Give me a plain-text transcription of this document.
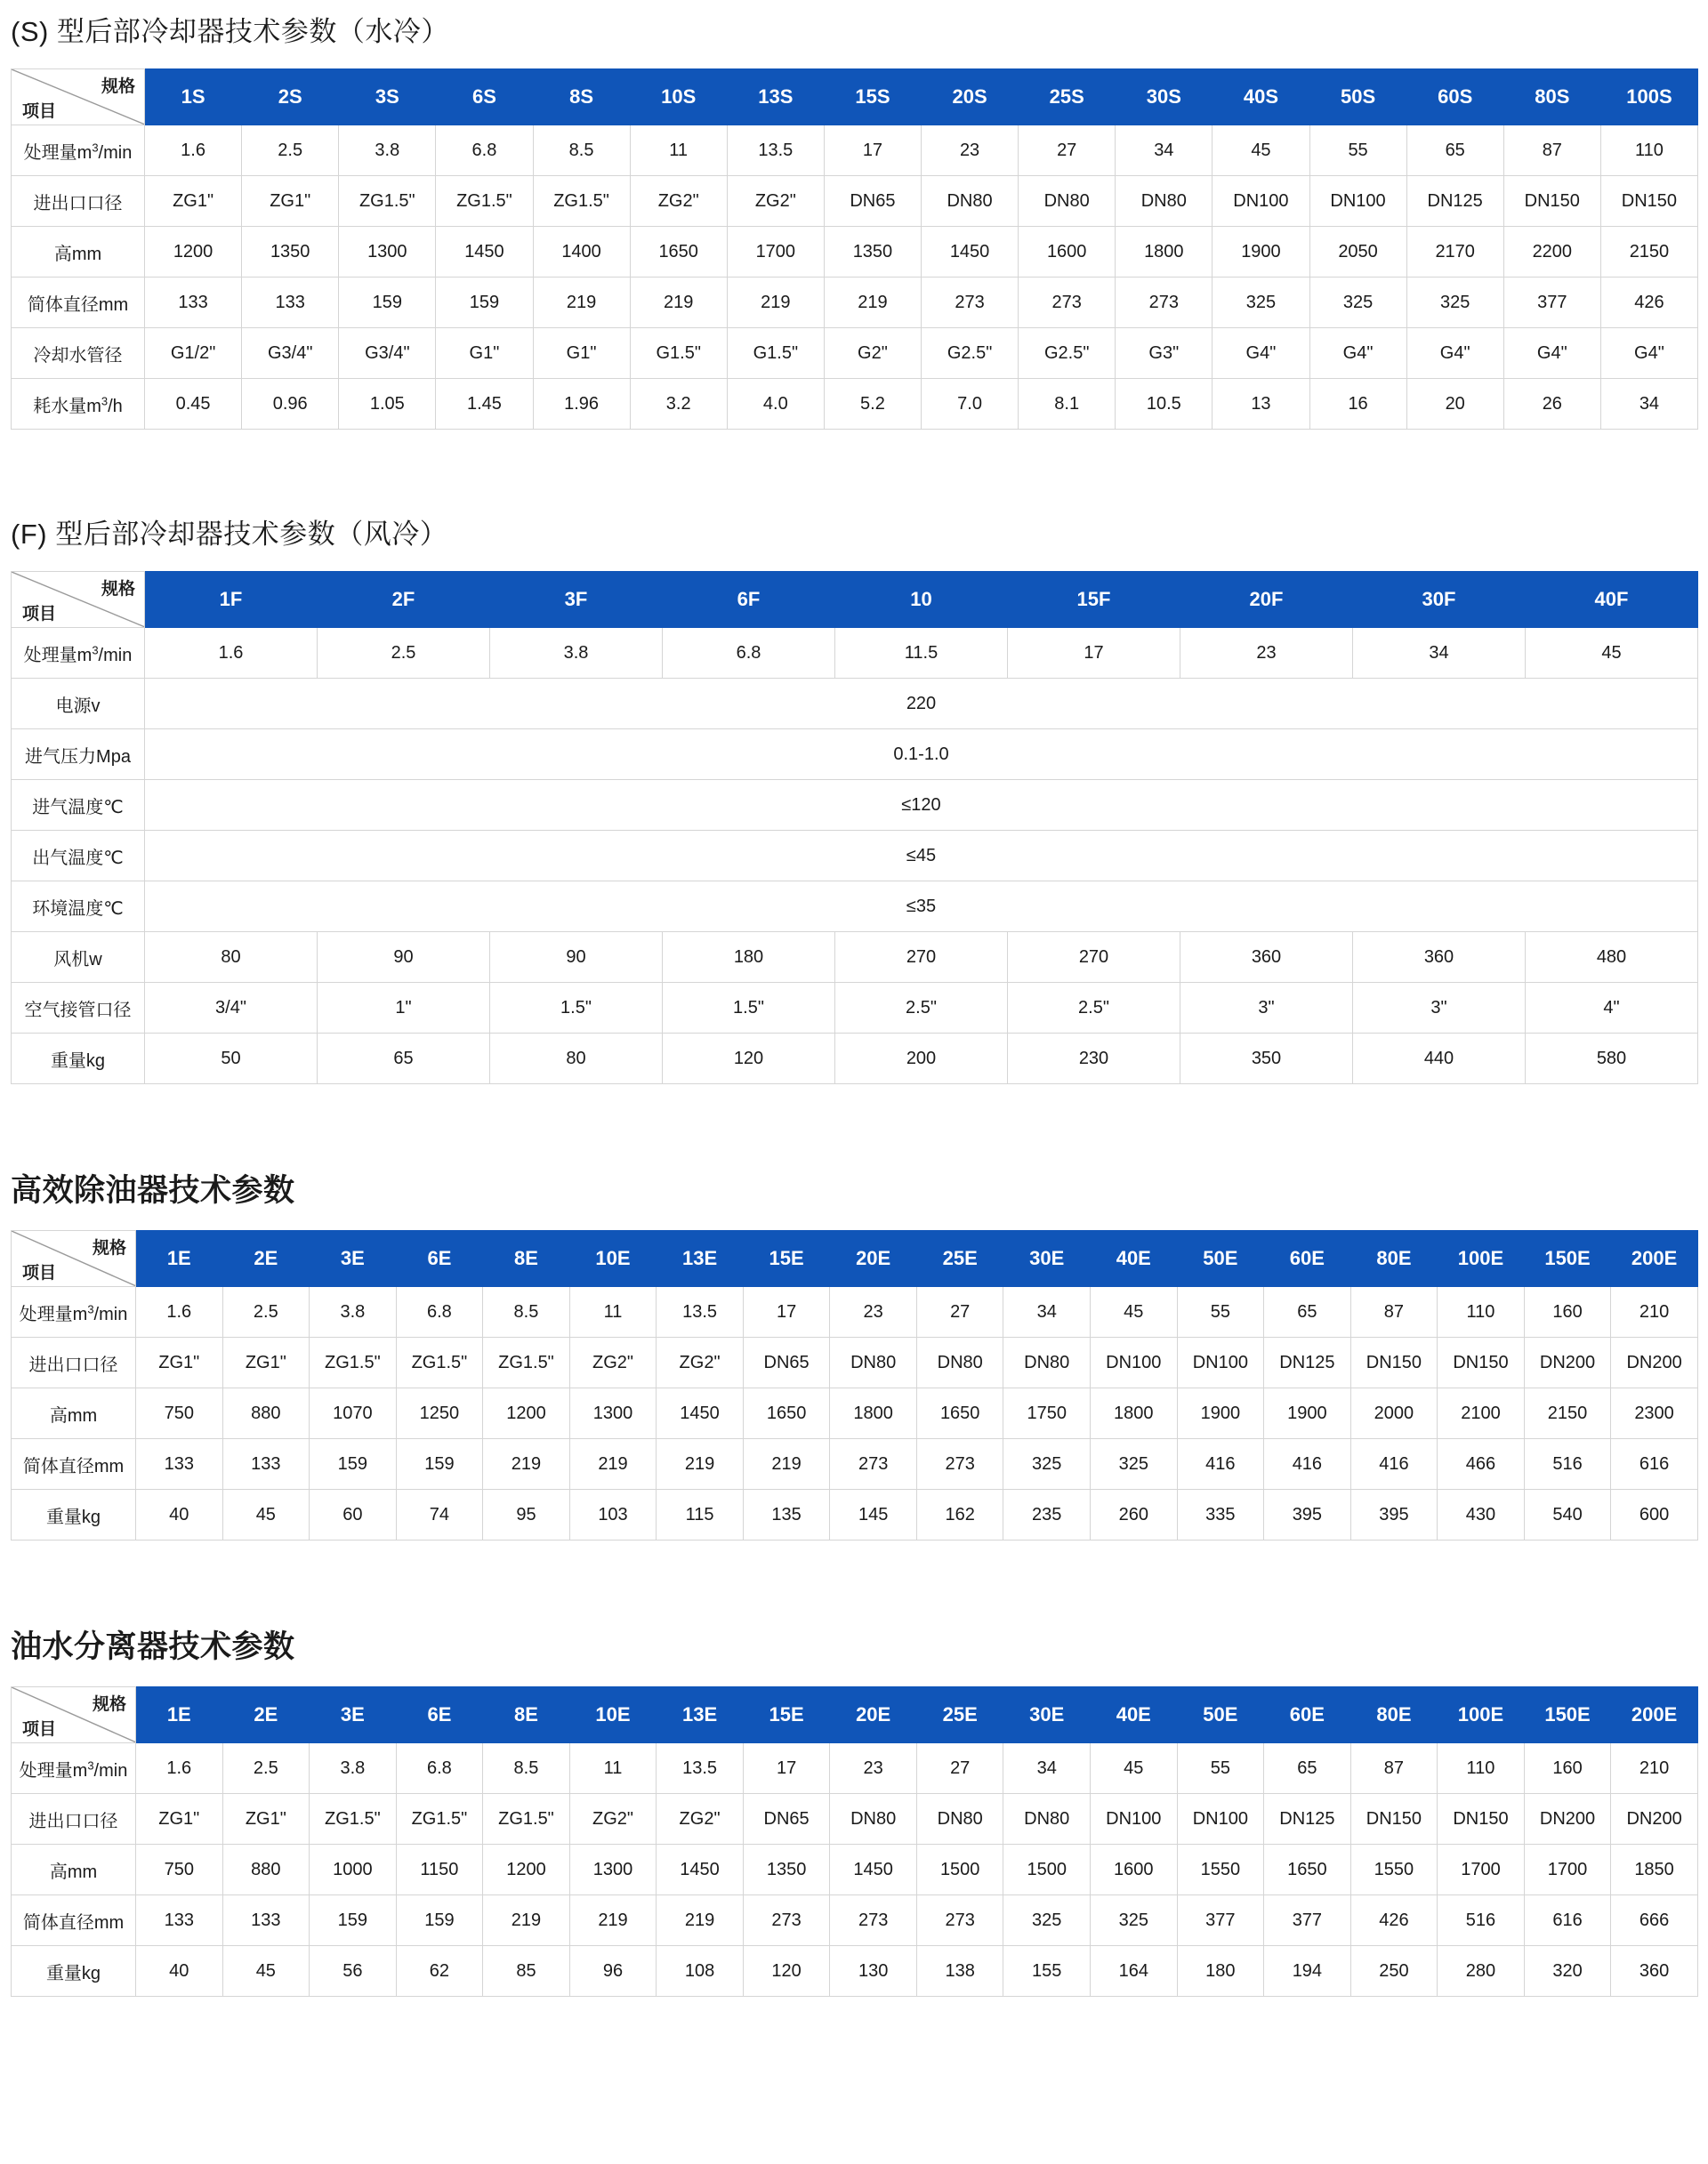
(S) 型后部冷却器技术参数（水冷）
规格
项目	1S	2S	3S	6S	8S	10S	13S	15S	20S	25S	30S	40S	50S	60S	80S	100S
处理量$m^3/\min$	1.6	2.5	3.8	6.8	8.5	11	13.5	17	23	27	34	45	55	65	87	110
进出口口径	ZG1"	ZG1"	ZG1.5"	ZG1.5"	ZG1.5"	ZG2"	ZG2"	DN65	DN80	DN80	DN80	DN100	DN100	DN125	DN150	DN150
高mm	1200	1350	1300	1450	1400	1650	1700	1350	1450	1600	1800	1900	2050	2170	2200	2150
简体直径mm	133	133	159	159	219	219	219	219	273	273	273	325	325	325	377	426
冷却水管径	G1/2"	G3/4"	G3/4"	G1"	G1"	G1.5"	G1.5"	G2"	G2.5"	G2.5"	G3"	G4"	G4"	G4"	G4"	G4"
耗水量$m^3/h$	0.45	0.96	1.05	1.45	1.96	3.2	4.0	5.2	7.0	8.1	10.5	13	16	20	26	34
(F) 型后部冷却器技术参数（风冷）
规格
项目	1F	2F	3F	6F	10	15F	20F	30F	40F
处理量$m^3/\min$	1.6	2.5	3.8	6.8	11.5	17	23	34	45
电源v	220								
进气压力Mpa	0.1-1.0								
进气温度℃	≤120								
出气温度℃	≤45								
环境温度℃	≤35								
风机w	80	90	90	180	270	270	360	360	480
空气接管口径	3/4"	1"	1.5"	1.5"	2.5"	2.5"	3"	3"	4"
重量kg	50	65	80	120	200	230	350	440	580
高效除油器技术参数
规格
项目	1E	2E	3E	6E	8E	10E	13E	15E	20E	25E	30E	40E	50E	60E	80E	100E	150E	200E
处理量$m^3/\min$	1.6	2.5	3.8	6.8	8.5	11	13.5	17	23	27	34	45	55	65	87	110	160	210
进出口口径	ZG1"	ZG1"	ZG1.5"	ZG1.5"	ZG1.5"	ZG2"	ZG2"	DN65	DN80	DN80	DN80	DN100	DN100	DN125	DN150	DN150	DN200	DN200
高mm	750	880	1070	1250	1200	1300	1450	1650	1800	1650	1750	1800	1900	1900	2000	2100	2150	2300
简体直径mm	133	133	159	159	219	219	219	219	273	273	325	325	416	416	416	466	516	616
重量kg	40	45	60	74	95	103	115	135	145	162	235	260	335	395	395	430	540	600
油水分离器技术参数
规格
项目	1E	2E	3E	6E	8E	10E	13E	15E	20E	25E	30E	40E	50E	60E	80E	100E	150E	200E
处理量$m^3/\min$	1.6	2.5	3.8	6.8	8.5	11	13.5	17	23	27	34	45	55	65	87	110	160	210
进出口口径	ZG1"	ZG1"	ZG1.5"	ZG1.5"	ZG1.5"	ZG2"	ZG2"	DN65	DN80	DN80	DN80	DN100	DN100	DN125	DN150	DN150	DN200	DN200
高mm	750	880	1000	1150	1200	1300	1450	1350	1450	1500	1500	1600	1550	1650	1550	1700	1700	1850
简体直径mm	133	133	159	159	219	219	219	273	273	273	325	325	377	377	426	516	616	666
重量kg	40	45	56	62	85	96	108	120	130	138	155	164	180	194	250	280	320	360
